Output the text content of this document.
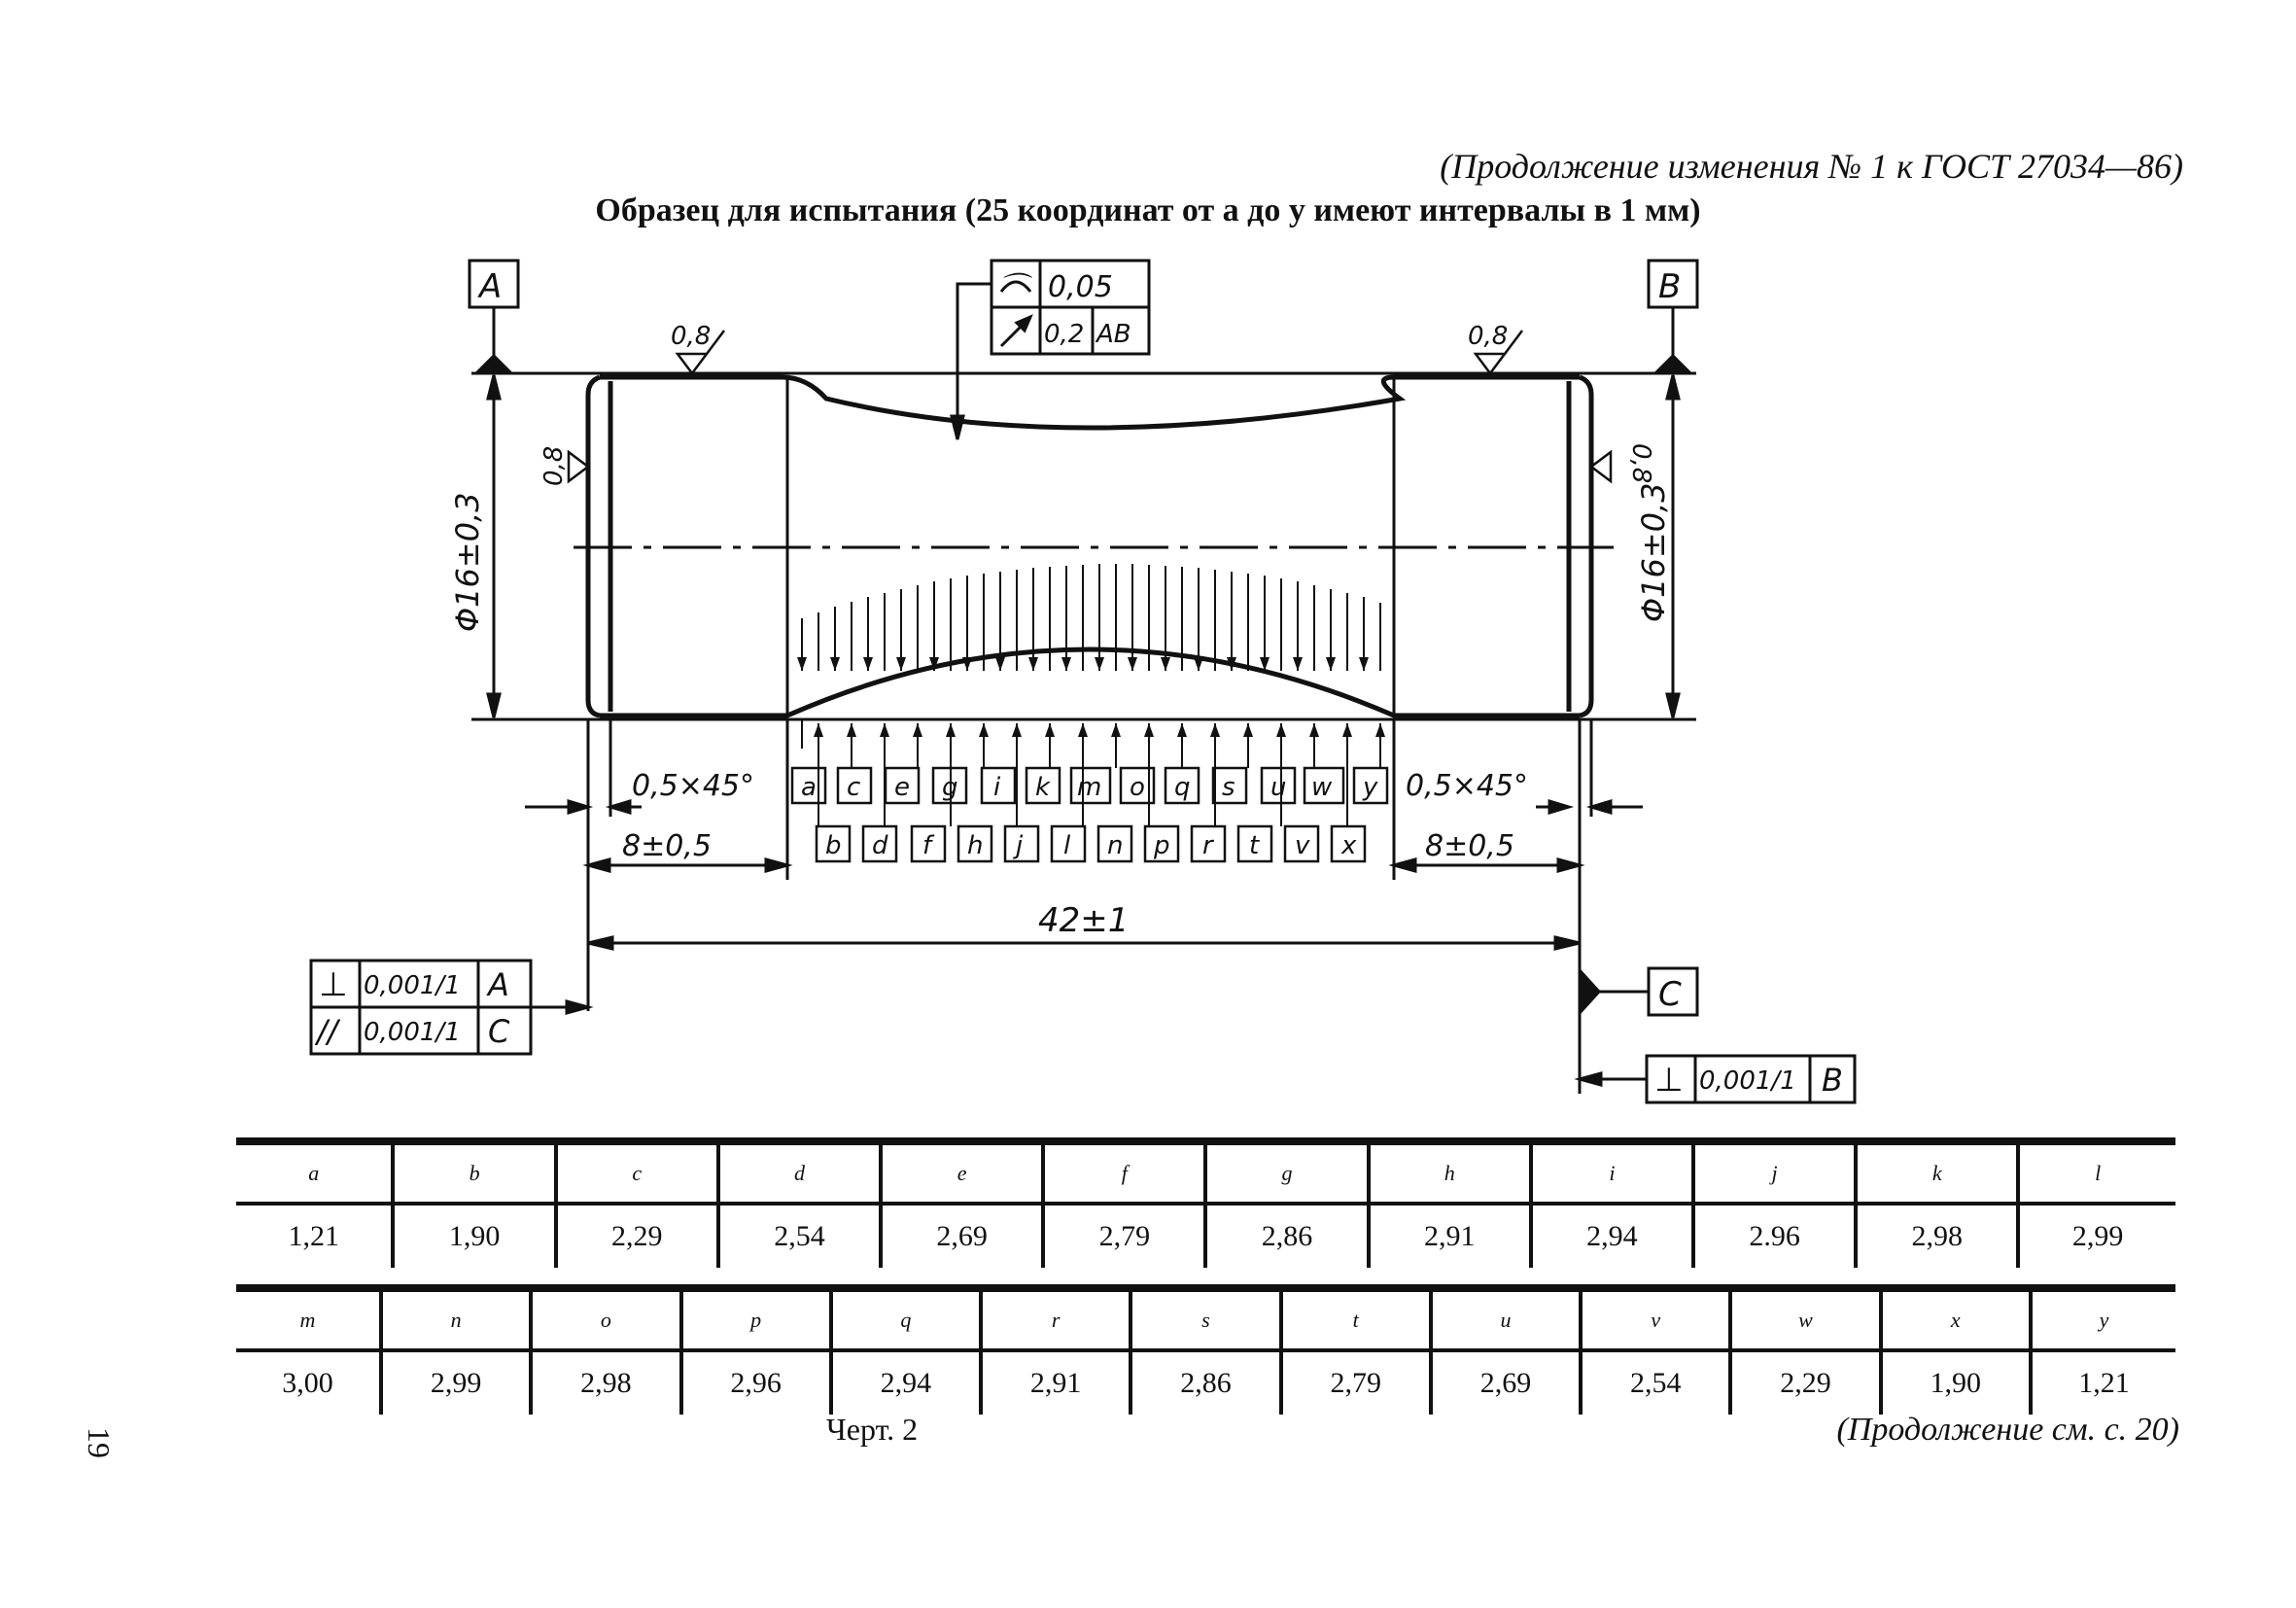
(Продолжение изменения № 1 к ГОСТ 27034—86)
Образец для испытания (25 координат от a до y имеют интервалы в 1 мм)
A	B
C
0,8	0,8
0,8	0,8
⌒ 0,05
0,2 AB
Φ16±0,3	Φ16±0,3
0,5×45°	0,5×45°
8±0,5	8±0,5
42±1
⊥ 0,001/1 A
// 0,001/1 C
⊥ 0,001/1 B
a c e g i k m o q s u w y
b d f h j l n p r t v x
a	b	c	d	e	f	g	h	i	j	k	l
1,21	1,90	2,29	2,54	2,69	2,79	2,86	2,91	2,94	2.96	2,98	2,99
m	n	o	p	q	r	s	t	u	v	w	x	y
3,00	2,99	2,98	2,96	2,94	2,91	2,86	2,79	2,69	2,54	2,29	1,90	1,21
19	Черт. 2	(Продолжение см. с. 20)
